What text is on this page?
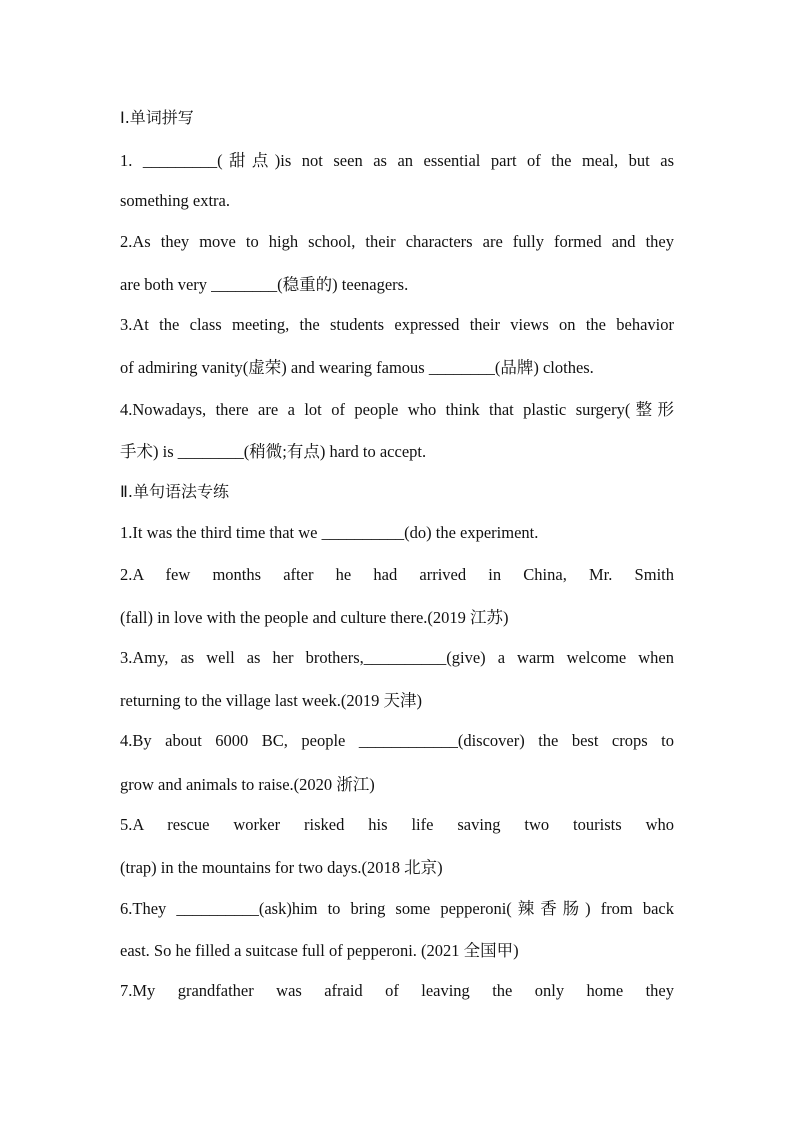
Ⅰ.单词拼写
1. _________(甜点)is not seen as an essential part of the meal, but as
something extra.
2.As they move to high school, their characters are fully formed and they
are both very ________(稳重的) teenagers.
3.At the class meeting, the students expressed their views on the behavior
of admiring vanity(虚荣) and wearing famous ________(品牌) clothes.
4.Nowadays, there are a lot of people who think that plastic surgery(整形
手术) is ________(稍微;有点) hard to accept.
Ⅱ.单句语法专练
1.It was the third time that we __________(do) the experiment.
2.A few months after he had arrived in China, Mr. Smith
(fall) in love with the people and culture there.(2019 江苏)
3.Amy, as well as her brothers,__________(give) a warm welcome when
returning to the village last week.(2019 天津)
4.By about 6000 BC, people ____________(discover) the best crops to
grow and animals to raise.(2020 浙江)
5.A rescue worker risked his life saving two tourists who
(trap) in the mountains for two days.(2018 北京)
6.They __________(ask)him to bring some pepperoni(辣香肠) from back
east. So he filled a suitcase full of pepperoni. (2021 全国甲)
7.My grandfather was afraid of leaving the only home they
